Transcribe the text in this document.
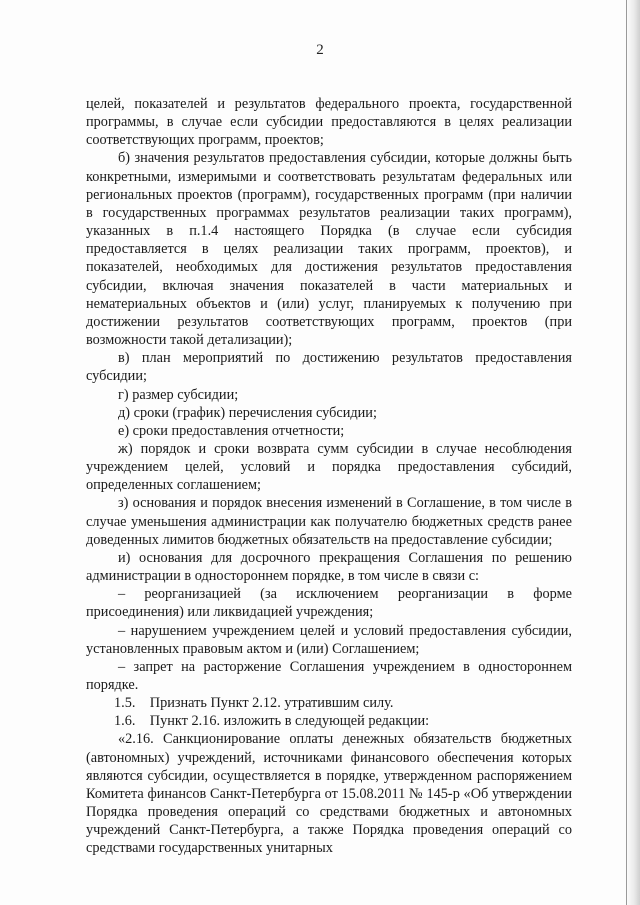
2

целей, показателей и результатов федерального проекта, государственной программы, в случае если субсидии предоставляются в целях реализации соответствующих программ, проектов;

б) значения результатов предоставления субсидии, которые должны быть конкретными, измеримыми и соответствовать результатам федеральных или региональных проектов (программ), государственных программ (при наличии в государственных программах результатов реализации таких программ), указанных в п.1.4 настоящего Порядка (в случае если субсидия предоставляется в целях реализации таких программ, проектов), и показателей, необходимых для достижения результатов предоставления субсидии, включая значения показателей в части материальных и нематериальных объектов и (или) услуг, планируемых к получению при достижении результатов соответствующих программ, проектов (при возможности такой детализации);

в) план мероприятий по достижению результатов предоставления субсидии;

г) размер субсидии;

д) сроки (график) перечисления субсидии;

е) сроки предоставления отчетности;

ж) порядок и сроки возврата сумм субсидии в случае несоблюдения учреждением целей, условий и порядка предоставления субсидий, определенных соглашением;

з) основания и порядок внесения изменений в Соглашение, в том числе в случае уменьшения администрации как получателю бюджетных средств ранее доведенных лимитов бюджетных обязательств на предоставление субсидии;

и) основания для досрочного прекращения Соглашения по решению администрации в одностороннем порядке, в том числе в связи с:

– реорганизацией (за исключением реорганизации в форме присоединения) или ликвидацией учреждения;

– нарушением учреждением целей и условий предоставления субсидии, установленных правовым актом и (или) Соглашением;

– запрет на расторжение Соглашения учреждением в одностороннем порядке.

1.5. Признать Пункт 2.12. утратившим силу.

1.6. Пункт 2.16. изложить в следующей редакции:

«2.16. Санкционирование оплаты денежных обязательств бюджетных (автономных) учреждений, источниками финансового обеспечения которых являются субсидии, осуществляется в порядке, утвержденном распоряжением Комитета финансов Санкт-Петербурга от 15.08.2011 № 145-р «Об утверждении Порядка проведения операций со средствами бюджетных и автономных учреждений Санкт-Петербурга, а также Порядка проведения операций со средствами государственных унитарных
